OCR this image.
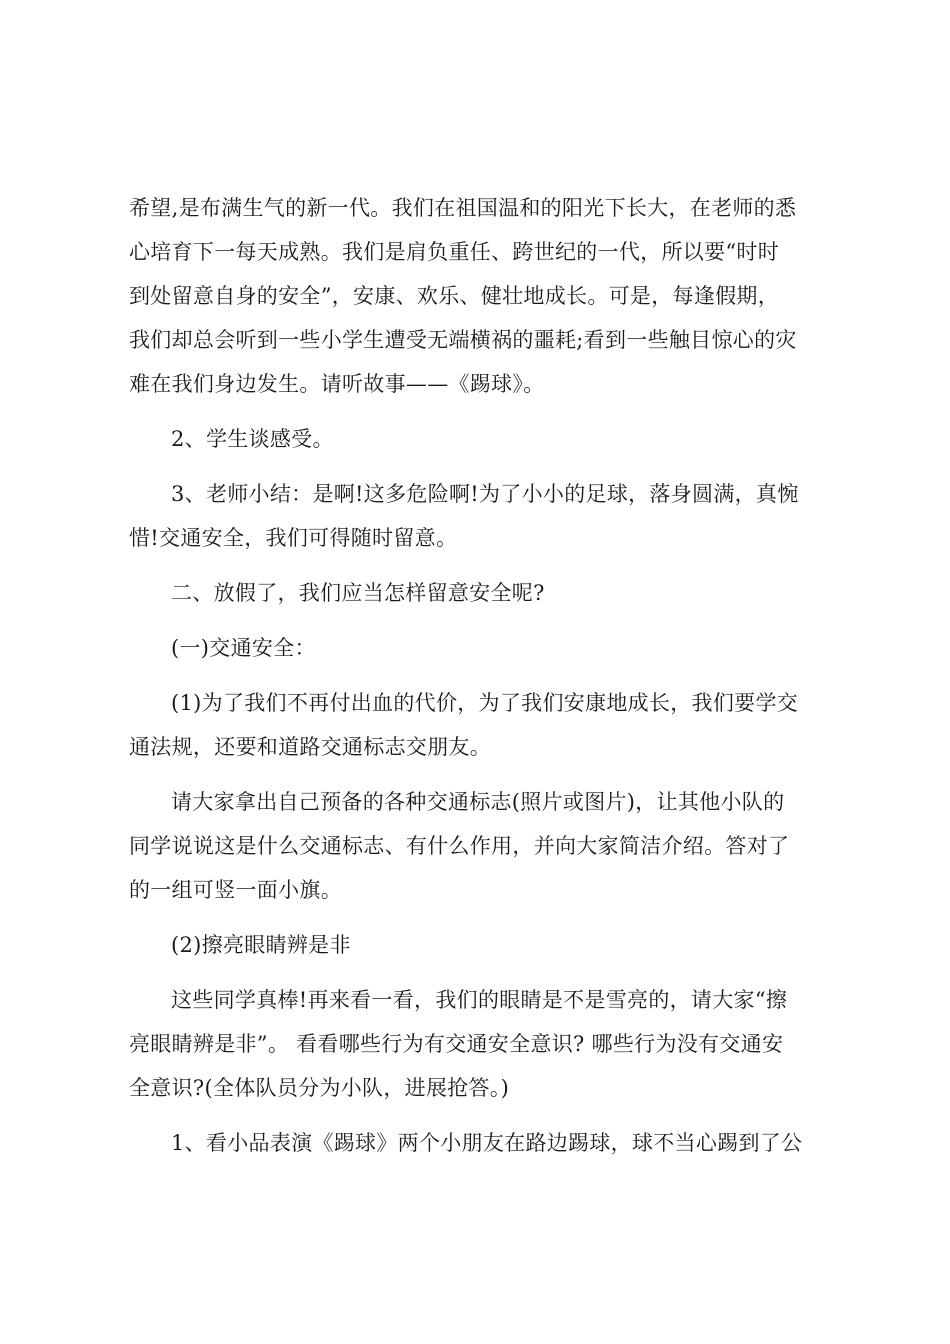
希望,是布满生气的新一代。我们在祖国温和的阳光下长大，在老师的悉
心培育下一每天成熟。我们是肩负重任、跨世纪的一代，所以要“时时
到处留意自身的安全”，安康、欢乐、健壮地成长。可是，每逢假期，
我们却总会听到一些小学生遭受无端横祸的噩耗;看到一些触目惊心的灾
难在我们身边发生。请听故事——《踢球》。
2、学生谈感受。
3、老师小结：是啊!这多危险啊!为了小小的足球，落身圆满，真惋
惜!交通安全，我们可得随时留意。
二、放假了，我们应当怎样留意安全呢?
(一)交通安全：
(1)为了我们不再付出血的代价，为了我们安康地成长，我们要学交
通法规，还要和道路交通标志交朋友。
请大家拿出自己预备的各种交通标志(照片或图片)，让其他小队的
同学说说这是什么交通标志、有什么作用，并向大家简洁介绍。答对了
的一组可竖一面小旗。
(2)擦亮眼睛辨是非
这些同学真棒!再来看一看，我们的眼睛是不是雪亮的，请大家“擦
亮眼睛辨是非”。 看看哪些行为有交通安全意识? 哪些行为没有交通安
全意识?(全体队员分为小队，进展抢答。)
1、看小品表演《踢球》两个小朋友在路边踢球，球不当心踢到了公
